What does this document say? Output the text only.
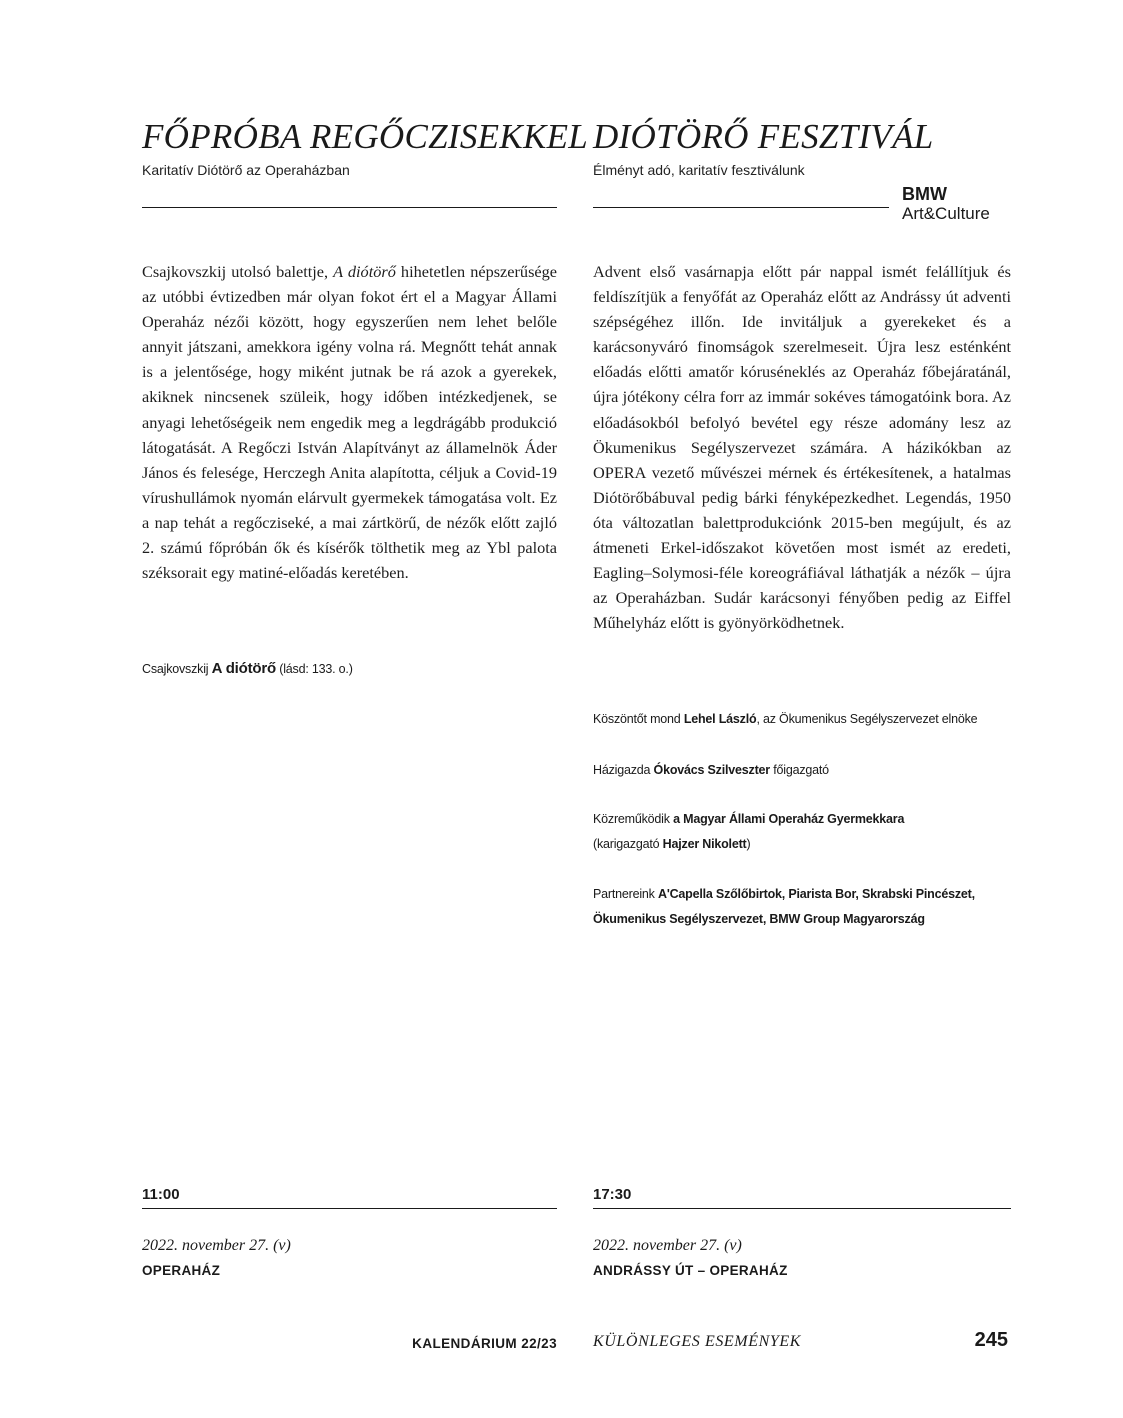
FŐPRÓBA REGŐCZISEKKEL
Karitatív Diótörő az Operaházban

Csajkovszkij utolsó balettje, A diótörő hihetetlen népszerűsége az utóbbi évtizedben már olyan fokot ért el a Magyar Állami Operaház nézői között, hogy egyszerűen nem lehet belőle annyit játszani, amekkora igény volna rá. Megnőtt tehát annak is a jelentősége, hogy miként jutnak be rá azok a gyerekek, akiknek nincsenek szüleik, hogy időben intézkedjenek, se anyagi lehetőségeik nem engedik meg a legdrágább produkció látogatását. A Regőczi István Alapítványt az államelnök Áder János és felesége, Herczegh Anita alapította, céljuk a Covid-19 vírushullámok nyomán elárvult gyermekek támogatása volt. Ez a nap tehát a regőcziseké, a mai zártkörű, de nézők előtt zajló 2. számú főpróbán ők és kísérők tölthetik meg az Ybl palota széksorait egy matiné-előadás keretében.

Csajkovszkij A diótörő (lásd: 133. o.)
11:00
2022. november 27. (v)
OPERAHÁZ
DIÓTÖRŐ FESZTIVÁL
Élményt adó, karitatív fesztiválunk
BMW
Art&Culture

Advent első vasárnapja előtt pár nappal ismét felállítjuk és feldíszítjük a fenyőfát az Operaház előtt az Andrássy út adventi szépségéhez illőn. Ide invitáljuk a gyerekeket és a karácsonyváró finomságok szerelmeseit. Újra lesz esténként előadás előtti amatőr kóruséneklés az Operaház főbejáratánál, újra jótékony célra forr az immár sokéves támogatóink bora. Az előadásokból befolyó bevétel egy része adomány lesz az Ökumenikus Segélyszervezet számára. A házikókban az OPERA vezető művészei mérnek és értékesítenek, a hatalmas Diótörőbábuval pedig bárki fényképezkedhet. Legendás, 1950 óta változatlan balettprodukciónk 2015-ben megújult, és az átmeneti Erkel-időszakot követően most ismét az eredeti, Eagling–Solymosi-féle koreográfiával láthatják a nézők – újra az Operaházban. Sudár karácsonyi fényőben pedig az Eiffel Műhelyház előtt is gyönyörködhetnek.

Köszöntőt mond Lehel László, az Ökumenikus Segélyszervezet elnöke
Házigazda Ókovács Szilveszter főigazgató
Közreműködik a Magyar Állami Operaház Gyermekkara
(karigazgató Hajzer Nikolett)
Partnereink A'Capella Szőlőbirtok, Piarista Bor, Skrabski Pincészet,
Ökumenikus Segélyszervezet, BMW Group Magyarország
17:30
2022. november 27. (v)
ANDRÁSSY ÚT – OPERAHÁZ
KALENDÁRIUM 22/23 KÜLÖNLEGES ESEMÉNYEK	245
